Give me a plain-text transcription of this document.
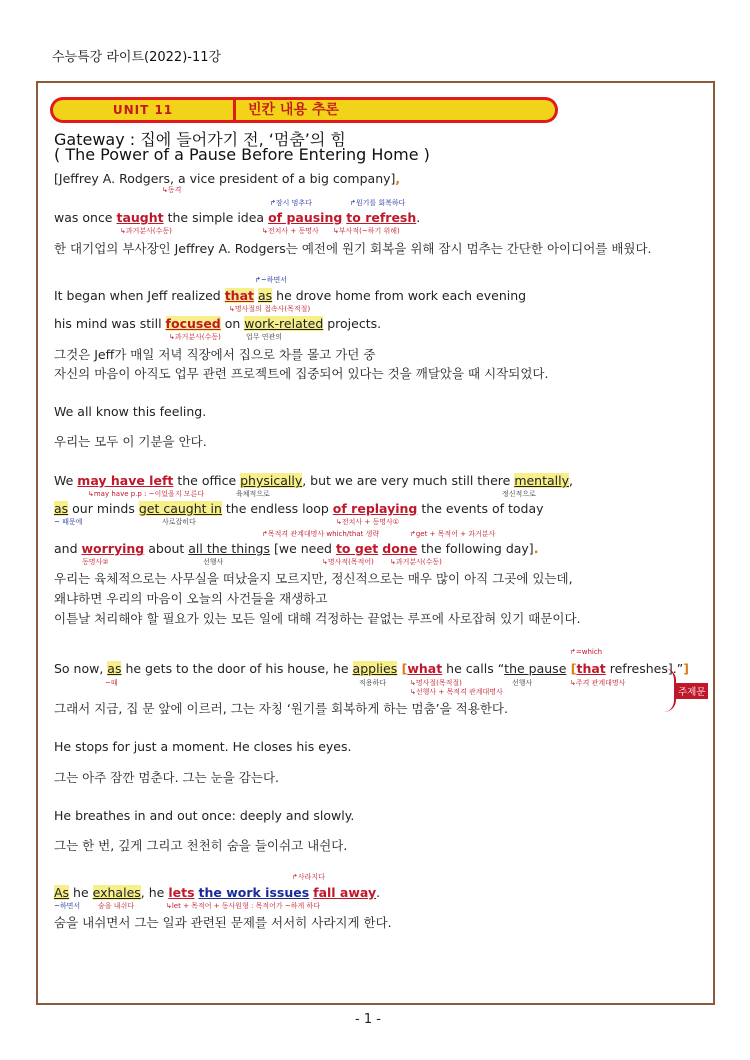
수능특강 라이트(2022)-11강
UNIT 11	빈칸 내용 추론
Gateway : 집에 들어가기 전, ‘멈춤’의 힘
( The Power of a Pause Before Entering Home )
[Jeffrey A. Rodgers, a vice president of a big company],
↳동격
↱잠시 멈추다	↱원기를 회복하다
was once taught the simple idea of pausing to refresh.
↳과거분사(수동)	↳전치사 + 동명사 ↳부사적(~하기 위해)
한 대기업의 부사장인 Jeffrey A. Rodgers는 예전에 원기 회복을 위해 잠시 멈추는 간단한 아이디어를 배웠다.
↱~하면서
It began when Jeff realized that as he drove home from work each evening
↳명사절의 접속사(목적절)
his mind was still focused on work-related projects.
↳과거분사(수동)	업무 연관의
그것은 Jeff가 매일 저녁 직장에서 집으로 차를 몰고 가던 중
자신의 마음이 아직도 업무 관련 프로젝트에 집중되어 있다는 것을 깨달았을 때 시작되었다.
We all know this feeling.
우리는 모두 이 기분을 안다.
We may have left the office physically, but we are very much still there mentally,
↳may have p.p : ~이었을지 모른다	육체적으로	정신적으로
as our minds get caught in the endless loop of replaying the events of today
~ 때문에	사로잡히다	↳전치사 + 동명사①
↱목적격 관계대명사 which/that 생략	↱get + 목적어 + 과거분사
and worrying about all the things [we need to get done the following day].
동명사②	선행사	↳명사적(목적어) ↳과거분사(수동)
우리는 육체적으로는 사무실을 떠났을지 모르지만, 정신적으로는 매우 많이 아직 그곳에 있는데,
왜냐하면 우리의 마음이 오늘의 사건들을 재생하고
이튿날 처리해야 할 필요가 있는 모든 일에 대해 걱정하는 끝없는 루프에 사로잡혀 있기 때문이다.
↱=which
So now, as he gets to the door of his house, he applies [what he calls “the pause [that refreshes].”]
~때	적용하다	↳명사절(목적절)	선행사	↳주격 관계대명사
↳선행사 + 목적격 관계대명사	주제문
그래서 지금, 집 문 앞에 이르러, 그는 자칭 ‘원기를 회복하게 하는 멈춤’을 적용한다.
He stops for just a moment. He closes his eyes.
그는 아주 잠깐 멈춘다. 그는 눈을 감는다.
He breathes in and out once: deeply and slowly.
그는 한 번, 깊게 그리고 천천히 숨을 들이쉬고 내쉰다.
↱사라지다
As he exhales, he lets the work issues fall away.
~하면서	숨을 내쉬다	↳let + 목적어 + 동사원형 : 목적어가 ~하게 하다
숨을 내쉬면서 그는 일과 관련된 문제를 서서히 사라지게 한다.
- 1 -
